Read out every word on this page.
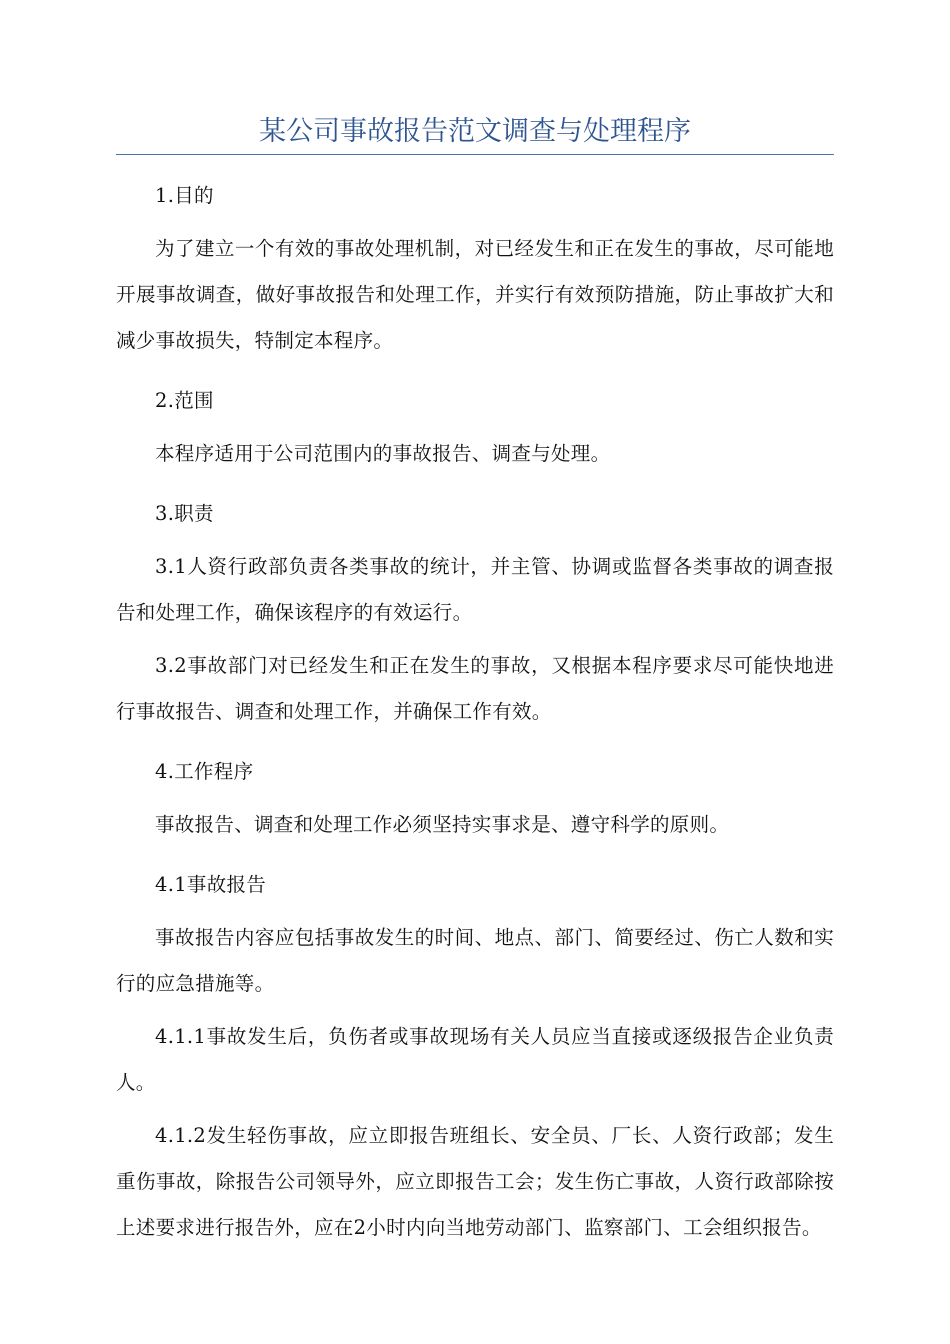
某公司事故报告范文调查与处理程序

1.目的

为了建立一个有效的事故处理机制，对已经发生和正在发生的事故，尽可能地开展事故调查，做好事故报告和处理工作，并实行有效预防措施，防止事故扩大和减少事故损失，特制定本程序。

2.范围

本程序适用于公司范围内的事故报告、调查与处理。

3.职责

3.1人资行政部负责各类事故的统计，并主管、协调或监督各类事故的调查报告和处理工作，确保该程序的有效运行。

3.2事故部门对已经发生和正在发生的事故，又根据本程序要求尽可能快地进行事故报告、调查和处理工作，并确保工作有效。

4.工作程序

事故报告、调查和处理工作必须坚持实事求是、遵守科学的原则。

4.1事故报告

事故报告内容应包括事故发生的时间、地点、部门、简要经过、伤亡人数和实行的应急措施等。

4.1.1事故发生后，负伤者或事故现场有关人员应当直接或逐级报告企业负责人。

4.1.2发生轻伤事故，应立即报告班组长、安全员、厂长、人资行政部；发生重伤事故，除报告公司领导外，应立即报告工会；发生伤亡事故，人资行政部除按上述要求进行报告外，应在2小时内向当地劳动部门、监察部门、工会组织报告。
